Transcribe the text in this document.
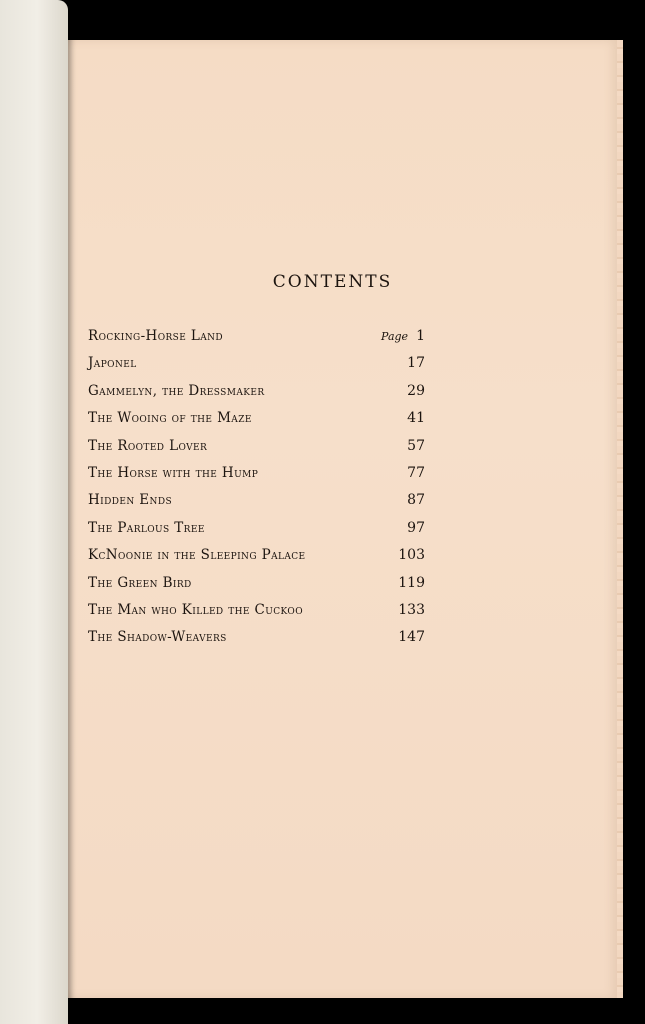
CONTENTS
Rocking-Horse Land	Page 1
Japonel	17
Gammelyn, the Dressmaker	29
The Wooing of the Maze	41
The Rooted Lover	57
The Horse with the Hump	77
Hidden Ends	87
The Parlous Tree	97
KcNoonie in the Sleeping Palace	103
The Green Bird	119
The Man who Killed the Cuckoo	133
The Shadow-Weavers	147
